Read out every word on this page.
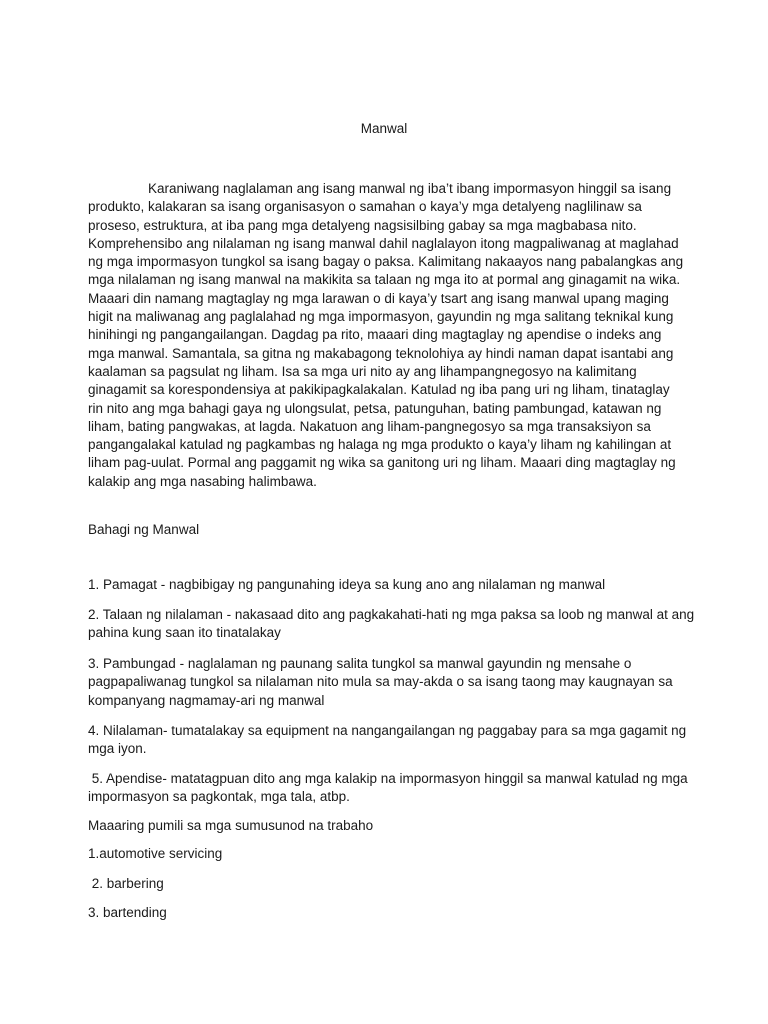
Manwal

Karaniwang naglalaman ang isang manwal ng iba’t ibang impormasyon hinggil sa isang produkto, kalakaran sa isang organisasyon o samahan o kaya’y mga detalyeng naglilinaw sa proseso, estruktura, at iba pang mga detalyeng nagsisilbing gabay sa mga magbabasa nito. Komprehensibo ang nilalaman ng isang manwal dahil naglalayon itong magpaliwanag at maglahad ng mga impormasyon tungkol sa isang bagay o paksa. Kalimitang nakaayos nang pabalangkas ang mga nilalaman ng isang manwal na makikita sa talaan ng mga ito at pormal ang ginagamit na wika. Maaari din namang magtaglay ng mga larawan o di kaya’y tsart ang isang manwal upang maging higit na maliwanag ang paglalahad ng mga impormasyon, gayundin ng mga salitang teknikal kung hinihingi ng pangangailangan. Dagdag pa rito, maaari ding magtaglay ng apendise o indeks ang mga manwal. Samantala, sa gitna ng makabagong teknolohiya ay hindi naman dapat isantabi ang kaalaman sa pagsulat ng liham. Isa sa mga uri nito ay ang lihampangnegosyo na kalimitang ginagamit sa korespondensiya at pakikipagkalakalan. Katulad ng iba pang uri ng liham, tinataglay rin nito ang mga bahagi gaya ng ulongsulat, petsa, patunguhan, bating pambungad, katawan ng liham, bating pangwakas, at lagda. Nakatuon ang liham-pangnegosyo sa mga transaksiyon sa pangangalakal katulad ng pagkambas ng halaga ng mga produkto o kaya’y liham ng kahilingan at liham pag-uulat. Pormal ang paggamit ng wika sa ganitong uri ng liham. Maaari ding magtaglay ng kalakip ang mga nasabing halimbawa.

Bahagi ng Manwal

1. Pamagat - nagbibigay ng pangunahing ideya sa kung ano ang nilalaman ng manwal

2. Talaan ng nilalaman - nakasaad dito ang pagkakahati-hati ng mga paksa sa loob ng manwal at ang pahina kung saan ito tinatalakay

3. Pambungad - naglalaman ng paunang salita tungkol sa manwal gayundin ng mensahe o pagpapaliwanag tungkol sa nilalaman nito mula sa may-akda o sa isang taong may kaugnayan sa kompanyang nagmamay-ari ng manwal

4. Nilalaman- tumatalakay sa equipment na nangangailangan ng paggabay para sa mga gagamit ng mga iyon.

5. Apendise- matatagpuan dito ang mga kalakip na impormasyon hinggil sa manwal katulad ng mga impormasyon sa pagkontak, mga tala, atbp.

Maaaring pumili sa mga sumusunod na trabaho

1.automotive servicing

2. barbering

3. bartending
